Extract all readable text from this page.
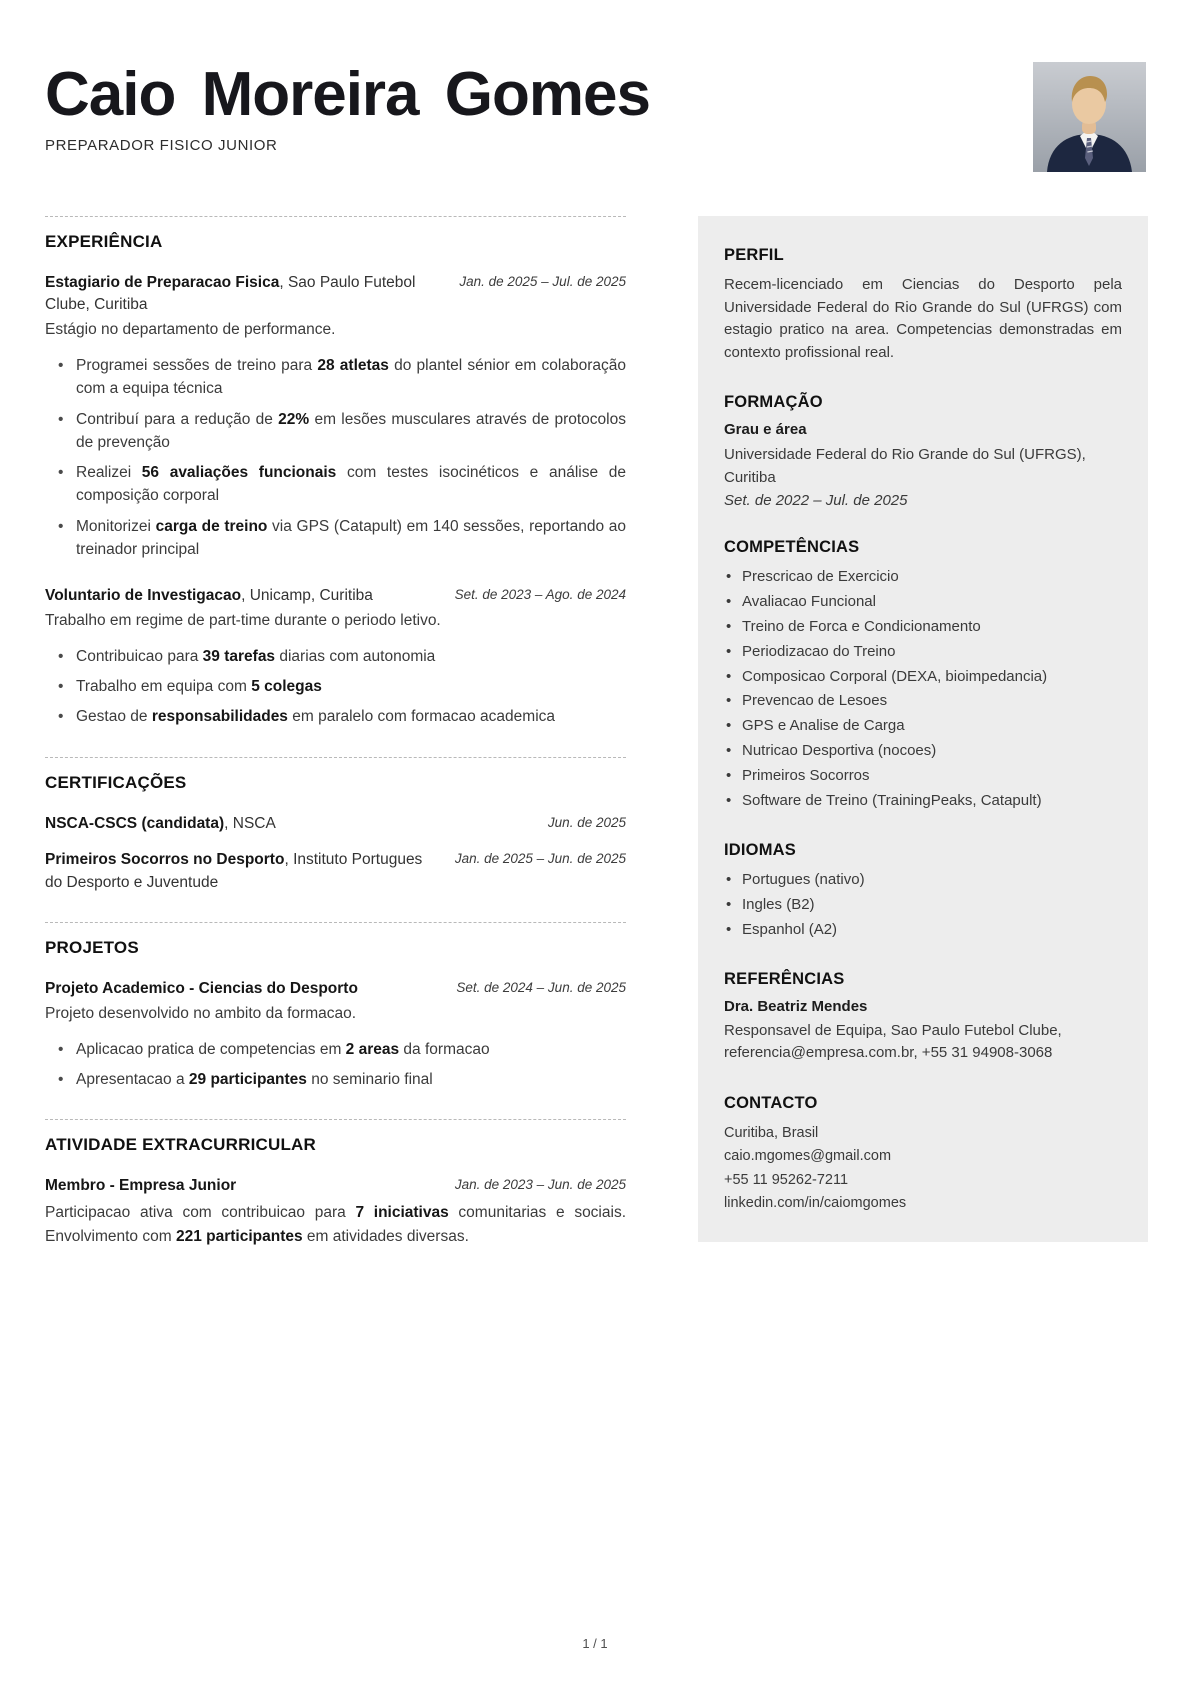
Caio Moreira Gomes
PREPARADOR FISICO JUNIOR
EXPERIÊNCIA
Estagiario de Preparacao Fisica, Sao Paulo Futebol Clube, Curitiba
Jan. de 2025 – Jul. de 2025

Estágio no departamento de performance.

• Programei sessões de treino para 28 atletas do plantel sénior em colaboração com a equipa técnica
• Contribuí para a redução de 22% em lesões musculares através de protocolos de prevenção
• Realizei 56 avaliações funcionais com testes isocinéticos e análise de composição corporal
• Monitorizei carga de treino via GPS (Catapult) em 140 sessões, reportando ao treinador principal
Voluntario de Investigacao, Unicamp, Curitiba	Set. de 2023 – Ago. de 2024

Trabalho em regime de part-time durante o periodo letivo.

• Contribuicao para 39 tarefas diarias com autonomia
• Trabalho em equipa com 5 colegas
• Gestao de responsabilidades em paralelo com formacao academica
CERTIFICAÇÕES
NSCA-CSCS (candidata), NSCA	Jun. de 2025
Primeiros Socorros no Desporto, Instituto Portugues do Desporto e Juventude
Jan. de 2025 – Jun. de 2025
PROJETOS
Projeto Academico - Ciencias do Desporto	Set. de 2024 – Jun. de 2025

Projeto desenvolvido no ambito da formacao.

• Aplicacao pratica de competencias em 2 areas da formacao
• Apresentacao a 29 participantes no seminario final
ATIVIDADE EXTRACURRICULAR
Membro - Empresa Junior	Jan. de 2023 – Jun. de 2025

Participacao ativa com contribuicao para 7 iniciativas comunitarias e sociais. Envolvimento com 221 participantes em atividades diversas.

PERFIL

Recem-licenciado em Ciencias do Desporto pela Universidade Federal do Rio Grande do Sul (UFRGS) com estagio pratico na area. Competencias demonstradas em contexto profissional real.

FORMAÇÃO
Grau e área
Universidade Federal do Rio Grande do Sul (UFRGS), Curitiba
Set. de 2022 – Jul. de 2025
COMPETÊNCIAS
• Prescricao de Exercicio
• Avaliacao Funcional
• Treino de Forca e Condicionamento
• Periodizacao do Treino
• Composicao Corporal (DEXA, bioimpedancia)
• Prevencao de Lesoes
• GPS e Analise de Carga
• Nutricao Desportiva (nocoes)
• Primeiros Socorros
• Software de Treino (TrainingPeaks, Catapult)
IDIOMAS
• Portugues (nativo)
• Ingles (B2)
• Espanhol (A2)
REFERÊNCIAS
Dra. Beatriz Mendes
Responsavel de Equipa, Sao Paulo Futebol Clube, referencia@empresa.com.br, +55 31 94908-3068
CONTACTO
Curitiba, Brasil
caio.mgomes@gmail.com
+55 11 95262-7211
linkedin.com/in/caiomgomes
1 / 1
